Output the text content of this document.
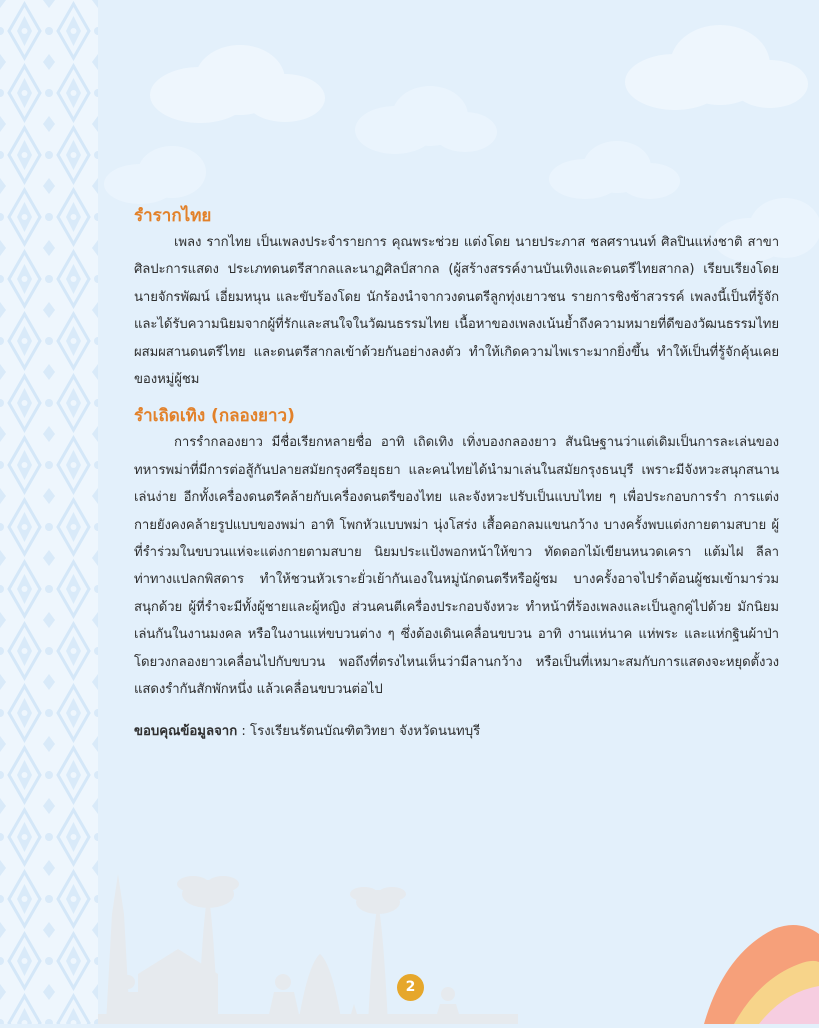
รำรากไทย

เพลง รากไทย เป็นเพลงประจำรายการ คุณพระช่วย แต่งโดย นายประภาส ชลศรานนท์ ศิลปินแห่งชาติ สาขาศิลปะการแสดง ประเภทดนตรีสากลและนาฏศิลป์สากล (ผู้สร้างสรรค์งานบันเทิงและดนตรีไทยสากล) เรียบเรียงโดย นายจักรพัฒน์ เอี่ยมหนุน และขับร้องโดย นักร้องนำจากวงดนตรีลูกทุ่งเยาวชน รายการชิงช้าสวรรค์ เพลงนี้เป็นที่รู้จัก และได้รับความนิยมจากผู้ที่รักและสนใจในวัฒนธรรมไทย เนื้อหาของเพลงเน้นย้ำถึงความหมายที่ดีของวัฒนธรรมไทย ผสมผสานดนตรีไทย และดนตรีสากลเข้าด้วยกันอย่างลงตัว ทำให้เกิดความไพเราะมากยิ่งขึ้น ทำให้เป็นที่รู้จักคุ้นเคยของหมู่ผู้ชม

รำเถิดเทิง (กลองยาว)

การรำกลองยาว มีชื่อเรียกหลายชื่อ อาทิ เถิดเทิง เทิ่งบองกลองยาว สันนิษฐานว่าแต่เดิมเป็นการละเล่นของทหารพม่าที่มีการต่อสู้กันปลายสมัยกรุงศรีอยุธยา และคนไทยได้นำมาเล่นในสมัยกรุงธนบุรี เพราะมีจังหวะสนุกสนานเล่นง่าย อีกทั้งเครื่องดนตรีคล้ายกับเครื่องดนตรีของไทย และจังหวะปรับเป็นแบบไทย ๆ เพื่อประกอบการรำ การแต่งกายยังคงคล้ายรูปแบบของพม่า อาทิ โพกหัวแบบพม่า นุ่งโสร่ง เสื้อคอกลมแขนกว้าง บางครั้งพบแต่งกายตามสบาย ผู้ที่รำร่วมในขบวนแห่จะแต่งกายตามสบาย นิยมประแป้งพอกหน้าให้ขาว ทัดดอกไม้เขียนหนวดเครา แต้มไฝ ลีลาท่าทางแปลกพิสดาร ทำให้ชวนหัวเราะยั่วเย้ากันเองในหมู่นักดนตรีหรือผู้ชม บางครั้งอาจไปรำต้อนผู้ชมเข้ามาร่วมสนุกด้วย ผู้ที่รำจะมีทั้งผู้ชายและผู้หญิง ส่วนคนตีเครื่องประกอบจังหวะ ทำหน้าที่ร้องเพลงและเป็นลูกคู่ไปด้วย มักนิยมเล่นกันในงานมงคล หรือในงานแห่ขบวนต่าง ๆ ซึ่งต้องเดินเคลื่อนขบวน อาทิ งานแห่นาค แห่พระ และแห่กฐินผ้าป่า โดยวงกลองยาวเคลื่อนไปกับขบวน พอถึงที่ตรงไหนเห็นว่ามีลานกว้าง หรือเป็นที่เหมาะสมกับการแสดงจะหยุดตั้งวงแสดงรำกันสักพักหนึ่ง แล้วเคลื่อนขบวนต่อไป

ขอบคุณข้อมูลจาก : โรงเรียนรัตนบัณฑิตวิทยา จังหวัดนนทบุรี
2
